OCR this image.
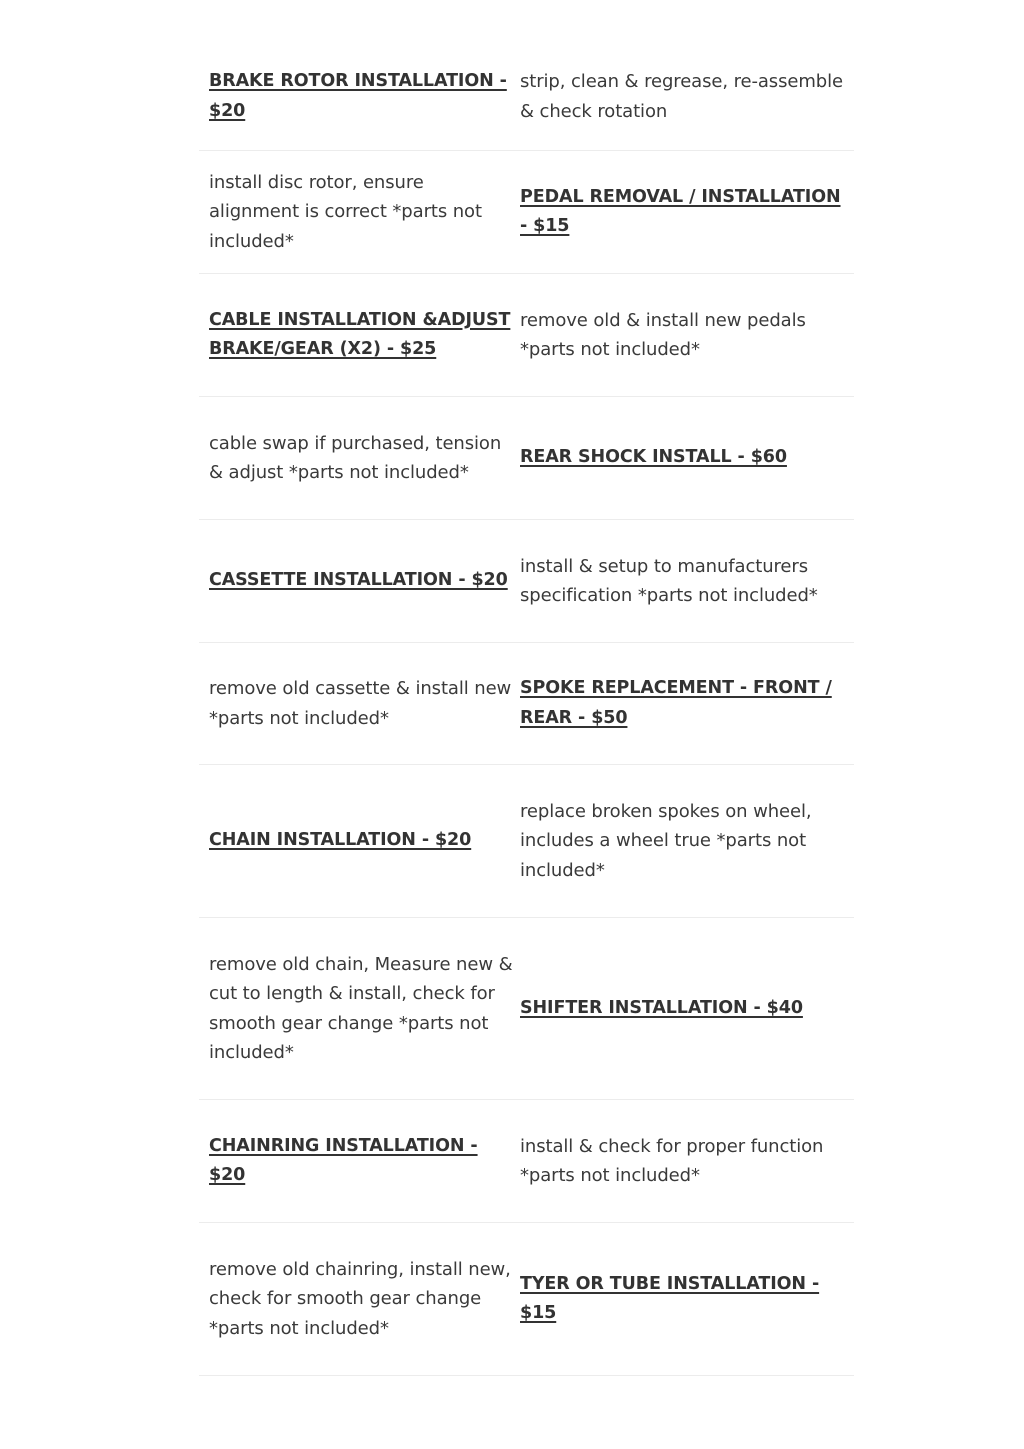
BRAKE ROTOR INSTALLATION - $20
strip, clean & regrease, re-assemble & check rotation
install disc rotor, ensure alignment is correct *parts not included*
PEDAL REMOVAL / INSTALLATION - $15
CABLE INSTALLATION &ADJUST BRAKE/GEAR (X2) - $25
remove old & install new pedals *parts not included*
cable swap if purchased, tension & adjust *parts not included*
REAR SHOCK INSTALL - $60
CASSETTE INSTALLATION - $20
install & setup to manufacturers specification *parts not included*
remove old cassette & install new *parts not included*
SPOKE REPLACEMENT - FRONT / REAR - $50
CHAIN INSTALLATION - $20
replace broken spokes on wheel, includes a wheel true *parts not included*
remove old chain, Measure new & cut to length & install, check for smooth gear change *parts not included*
SHIFTER INSTALLATION - $40
CHAINRING INSTALLATION - $20
install & check for proper function *parts not included*
remove old chainring, install new, check for smooth gear change *parts not included*
TYER OR TUBE INSTALLATION - $15
